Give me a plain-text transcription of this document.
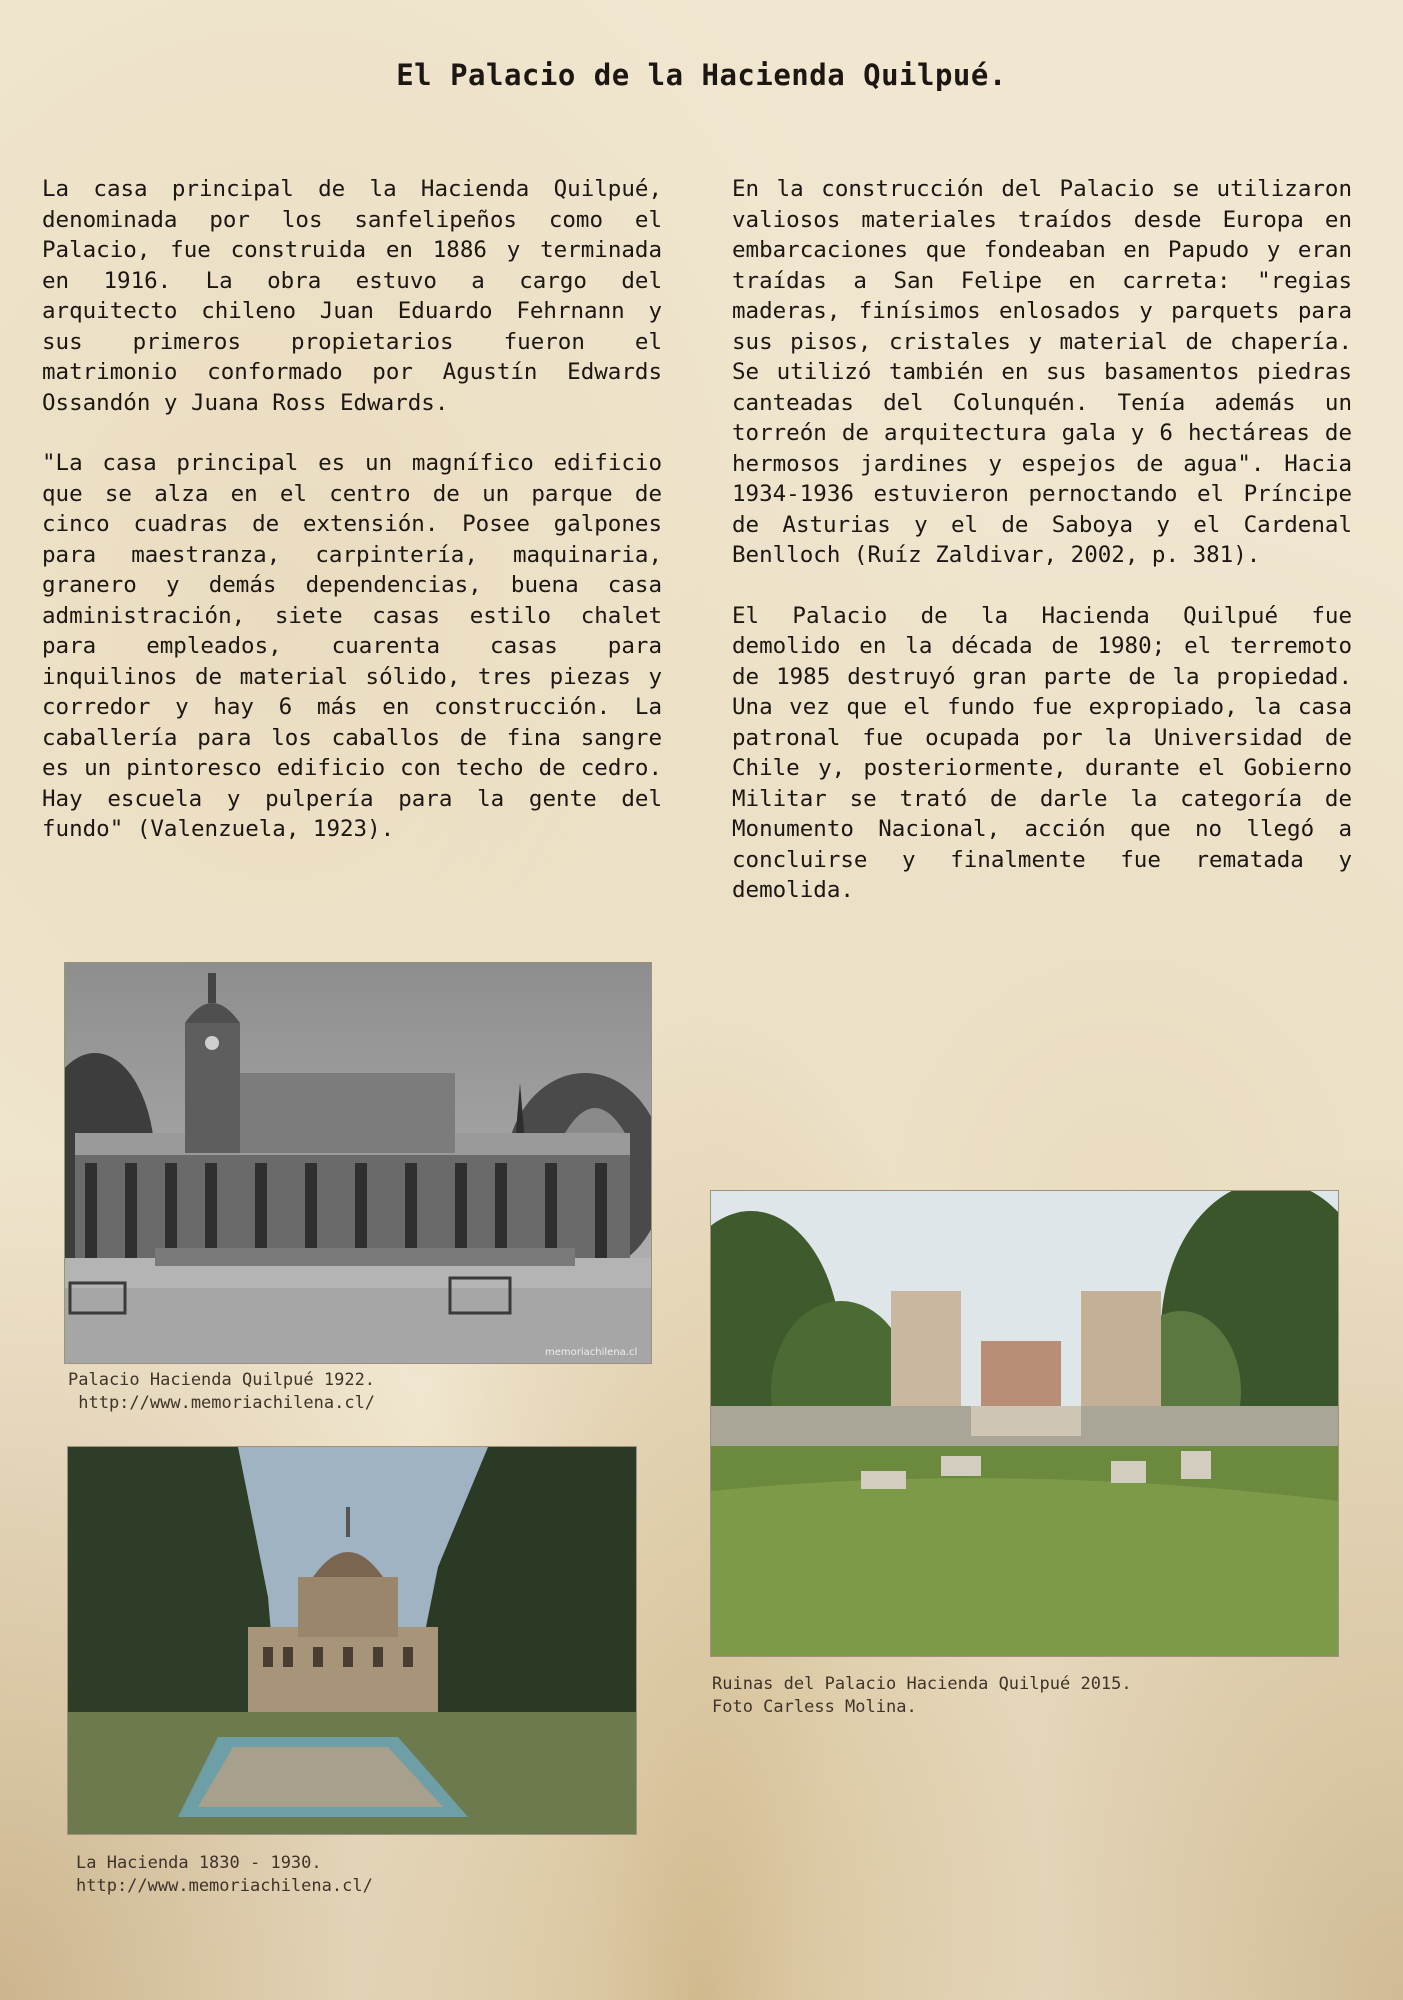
El Palacio de la Hacienda Quilpué.

La casa principal de la Hacienda Quilpué, denominada por los sanfelipeños como el Palacio, fue construida en 1886 y terminada en 1916. La obra estuvo a cargo del arquitecto chileno Juan Eduardo Fehrnann y sus primeros propietarios fueron el matrimonio conformado por Agustín Edwards Ossandón y Juana Ross Edwards.

"La casa principal es un magnífico edificio que se alza en el centro de un parque de cinco cuadras de extensión. Posee galpones para maestranza, carpintería, maquinaria, granero y demás dependencias, buena casa administración, siete casas estilo chalet para empleados, cuarenta casas para inquilinos de material sólido, tres piezas y corredor y hay 6 más en construcción. La caballería para los caballos de fina sangre es un pintoresco edificio con techo de cedro. Hay escuela y pulpería para la gente del fundo" (Valenzuela, 1923).

En la construcción del Palacio se utilizaron valiosos materiales traídos desde Europa en embarcaciones que fondeaban en Papudo y eran traídas a San Felipe en carreta: "regias maderas, finísimos enlosados y parquets para sus pisos, cristales y material de chapería. Se utilizó también en sus basamentos piedras canteadas del Colunquén. Tenía además un torreón de arquitectura gala y 6 hectáreas de hermosos jardines y espejos de agua". Hacia 1934-1936 estuvieron pernoctando el Príncipe de Asturias y el de Saboya y el Cardenal Benlloch (Ruíz Zaldivar, 2002, p. 381).

El Palacio de la Hacienda Quilpué fue demolido en la década de 1980; el terremoto de 1985 destruyó gran parte de la propiedad. Una vez que el fundo fue expropiado, la casa patronal fue ocupada por la Universidad de Chile y, posteriormente, durante el Gobierno Militar se trató de darle la categoría de Monumento Nacional, acción que no llegó a concluirse y finalmente fue rematada y demolida.

memoriachilena.cl
Palacio Hacienda Quilpué 1922.
http://www.memoriachilena.cl/
La Hacienda 1830 - 1930.
http://www.memoriachilena.cl/
Ruinas del Palacio Hacienda Quilpué 2015.
Foto Carless Molina.
